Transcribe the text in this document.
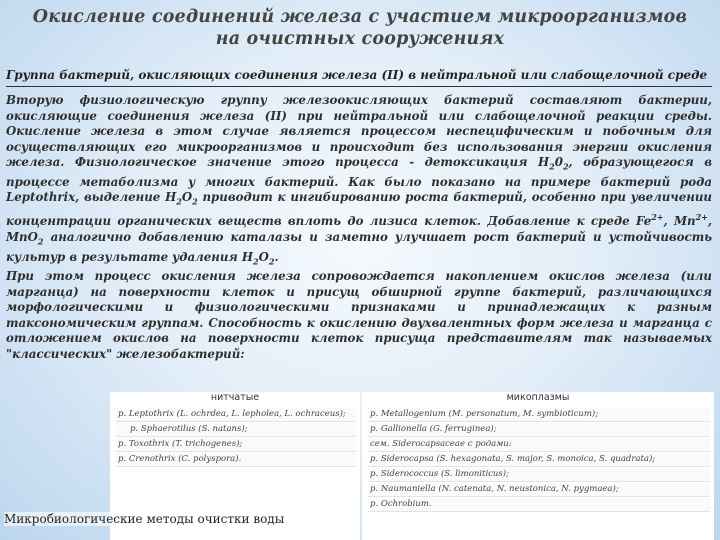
Окисление соединений железа с участием микроорганизмов
на очистных сооружениях
Группа бактерий, окисляющих соединения железа (II) в нейтральной или слабощелочной среде

Вторую физиологическую группу железоокисляющих бактерий составляют бактерии, окисляющие соединения железа (II) при нейтральной или слабощелочной реакции среды. Окисление железа в этом случае является процессом неспецифическим и побочным для осуществляющих его микроорганизмов и происходит без использования энергии окисления железа. Физиологическое значение этого процесса - детоксикация $H_20_2$, образующегося в процессе метаболизма у многих бактерий. Как было показано на примере бактерий рода Leptothrix, выделение $H_2O_2$ приводит к ингибированию роста бактерий, особенно при увеличении концентрации органических веществ вплоть до лизиса клеток. Добавление к среде $Fe^{2+}$, $Mn^{2+}$, MnO$_2$ аналогично добавлению каталазы и заметно улучшает рост бактерий и устойчивость культур в результате удаления $H_2O_2$.

При этом процесс окисления железа сопровождается накоплением окислов железа (или марганца) на поверхности клеток и присущ обширной группе бактерий, различающихся морфологическими и физиологическими признаками и принадлежащих к разным таксономическим группам. Способность к окислению двухвалентных форм железа и марганца с отложением окислов на поверхности клеток присуща представителям так называемых "классических" железобактерий:

нитчатые	микоплазмы
p. Leptothrix (L. ochrdeа, L. lepholea, L. ochraceus);
p. Sphaerotilus (S. natans);
p. Toxothrix (T. trichogenes);
p. Crenothrix (C. polyspora).
p. Metallogenium (M. personatum, M. symbioticum);
p. Gallionella (G. ferruginea);
сем. Siderocapsaceae с родами:
p. Siderocapsa (S. hexagonata, S. major, S. monoica, S. quadrata);
p. Siderococcus (S. limoniticus);
p. Naumaniella (N. catenata, N. neustonica, N. pygmaea);
p. Ochrobium.
Микробиологические методы очистки воды
